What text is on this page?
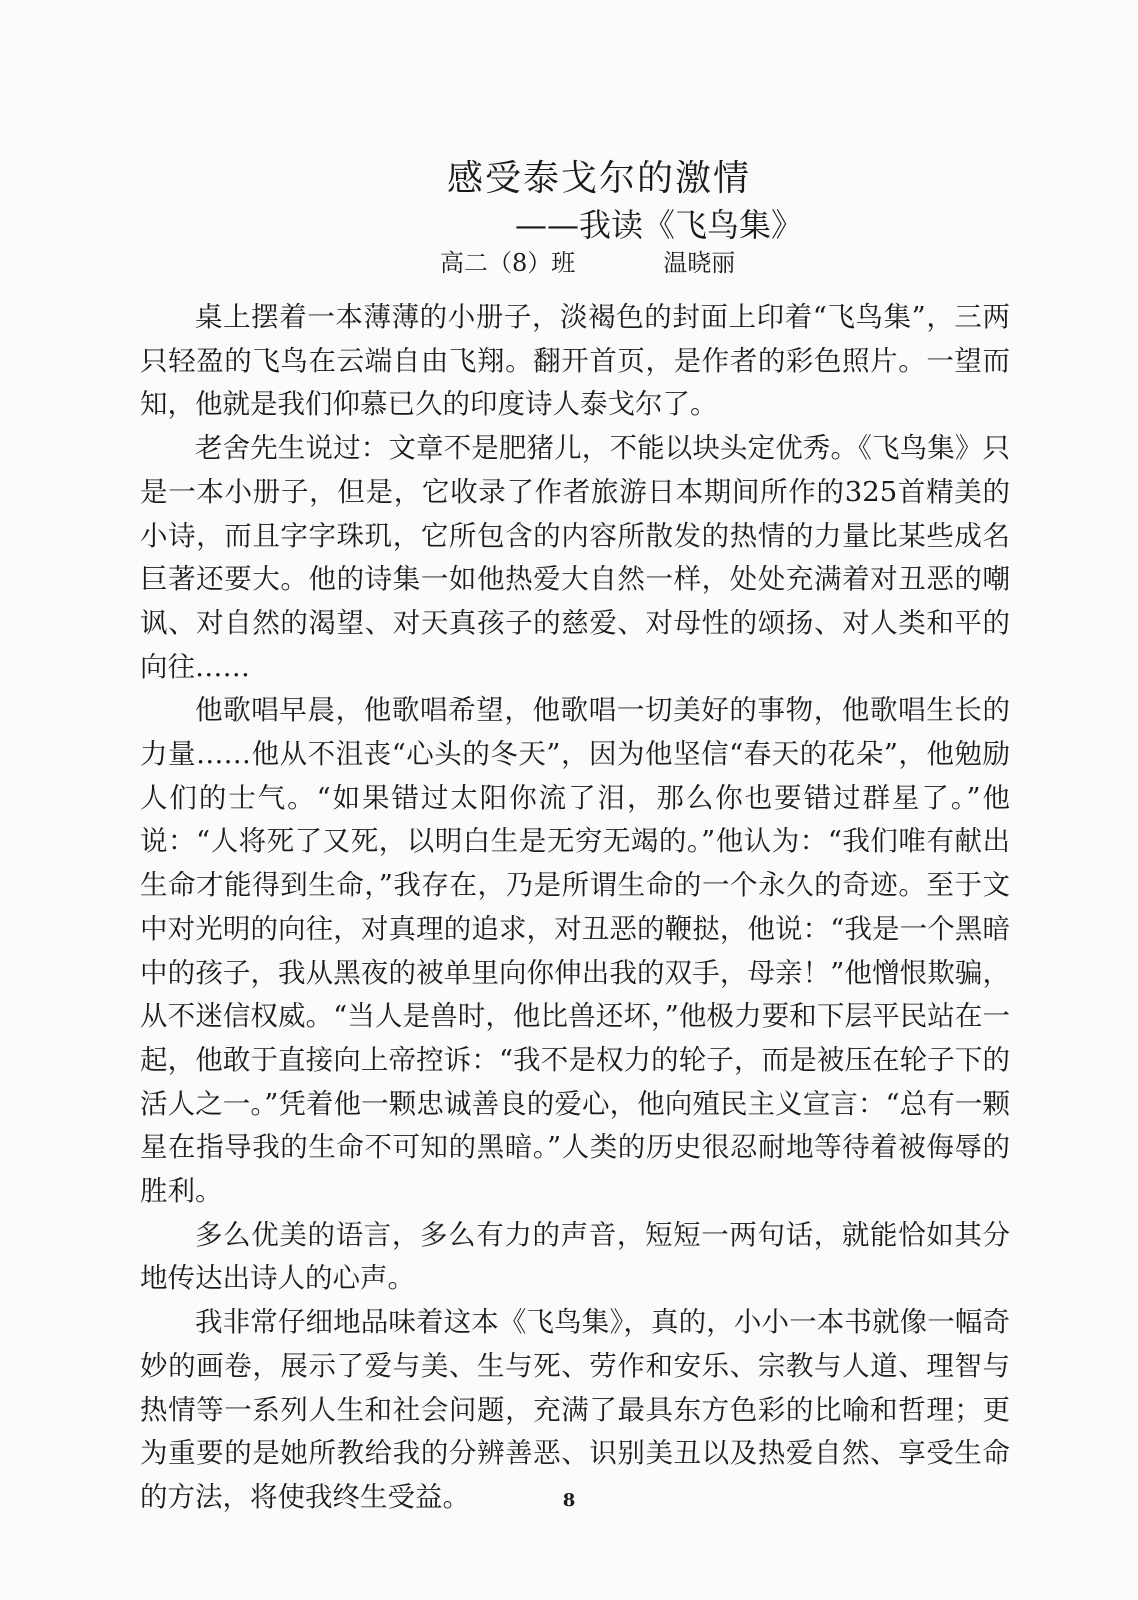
感受泰戈尔的激情
——我读《飞鸟集》
高二（8）班	温晓丽

桌上摆着一本薄薄的小册子，淡褐色的封面上印着“飞鸟集”，三两只轻盈的飞鸟在云端自由飞翔。翻开首页，是作者的彩色照片。一望而知，他就是我们仰慕已久的印度诗人泰戈尔了。

老舍先生说过：文章不是肥猪儿，不能以块头定优秀。《飞鸟集》只是一本小册子，但是，它收录了作者旅游日本期间所作的325首精美的小诗，而且字字珠玑，它所包含的内容所散发的热情的力量比某些成名巨著还要大。他的诗集一如他热爱大自然一样，处处充满着对丑恶的嘲讽、对自然的渴望、对天真孩子的慈爱、对母性的颂扬、对人类和平的向往……

他歌唱早晨，他歌唱希望，他歌唱一切美好的事物，他歌唱生长的力量……他从不沮丧“心头的冬天”，因为他坚信“春天的花朵”，他勉励人们的士气。“如果错过太阳你流了泪，那么你也要错过群星了。”他说：“人将死了又死，以明白生是无穷无竭的。”他认为：“我们唯有献出生命才能得到生命，”我存在，乃是所谓生命的一个永久的奇迹。至于文中对光明的向往，对真理的追求，对丑恶的鞭挞，他说：“我是一个黑暗中的孩子，我从黑夜的被单里向你伸出我的双手，母亲！”他憎恨欺骗，从不迷信权威。“当人是兽时，他比兽还坏，”他极力要和下层平民站在一起，他敢于直接向上帝控诉：“我不是权力的轮子，而是被压在轮子下的活人之一。”凭着他一颗忠诚善良的爱心，他向殖民主义宣言：“总有一颗星在指导我的生命不可知的黑暗。”人类的历史很忍耐地等待着被侮辱的胜利。

多么优美的语言，多么有力的声音，短短一两句话，就能恰如其分地传达出诗人的心声。

我非常仔细地品味着这本《飞鸟集》，真的，小小一本书就像一幅奇妙的画卷，展示了爱与美、生与死、劳作和安乐、宗教与人道、理智与热情等一系列人生和社会问题，充满了最具东方色彩的比喻和哲理；更为重要的是她所教给我的分辨善恶、识别美丑以及热爱自然、享受生命的方法，将使我终生受益。	8
